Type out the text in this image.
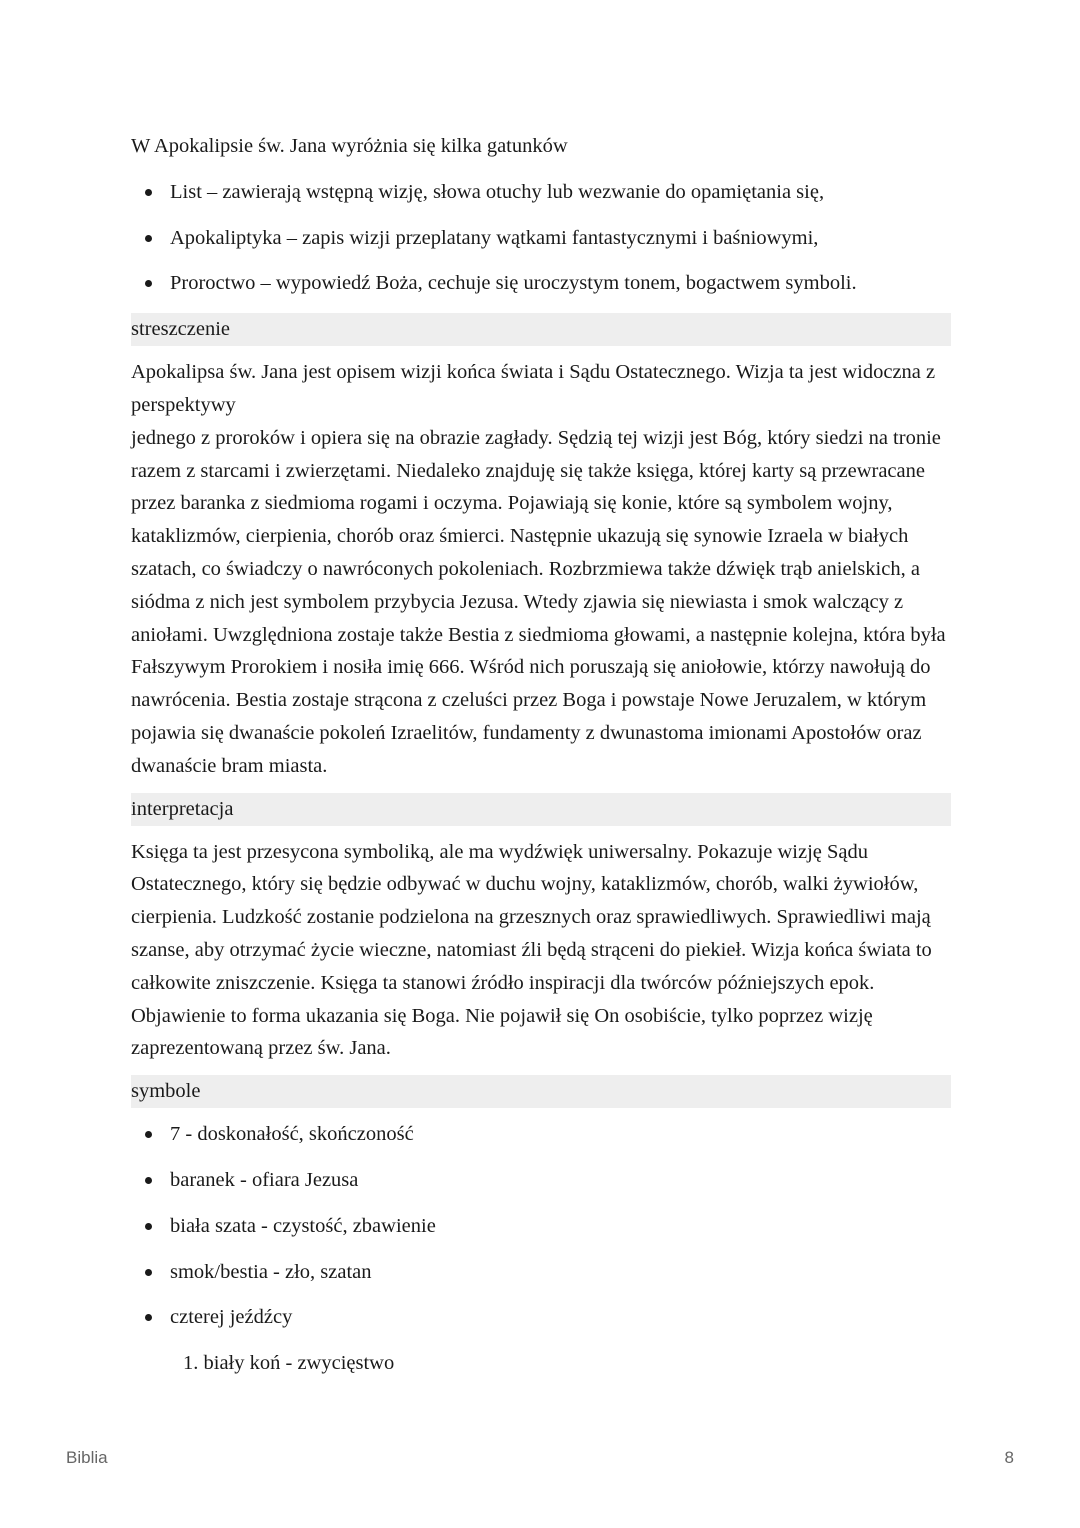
W Apokalipsie św. Jana wyróżnia się kilka gatunków

List – zawierają wstępną wizję, słowa otuchy lub wezwanie do opamiętania się,
Apokaliptyka – zapis wizji przeplatany wątkami fantastycznymi i baśniowymi,
Proroctwo – wypowiedź Boża, cechuje się uroczystym tonem, bogactwem symboli.
streszczenie
Apokalipsa św. Jana jest opisem wizji końca świata i Sądu Ostatecznego. Wizja ta jest widoczna z perspektywy
jednego z proroków i opiera się na obrazie zagłady. Sędzią tej wizji jest Bóg, który siedzi na tronie razem z starcami i zwierzętami. Niedaleko znajduję się także księga, której karty są przewracane przez baranka z siedmioma rogami i oczyma. Pojawiają się konie, które są symbolem wojny, kataklizmów, cierpienia, chorób oraz śmierci. Następnie ukazują się synowie Izraela w białych szatach, co świadczy o nawróconych pokoleniach. Rozbrzmiewa także dźwięk trąb anielskich, a siódma z nich jest symbolem przybycia Jezusa. Wtedy zjawia się niewiasta i smok walczący z aniołami. Uwzględniona zostaje także Bestia z siedmioma głowami, a następnie kolejna, która była Fałszywym Prorokiem i nosiła imię 666. Wśród nich poruszają się aniołowie, którzy nawołują do nawrócenia. Bestia zostaje strącona z czeluści przez Boga i powstaje Nowe Jeruzalem, w którym pojawia się dwanaście pokoleń Izraelitów, fundamenty z dwunastoma imionami Apostołów oraz dwanaście bram miasta.
interpretacja

Księga ta jest przesycona symboliką, ale ma wydźwięk uniwersalny. Pokazuje wizję Sądu Ostatecznego, który się będzie odbywać w duchu wojny, kataklizmów, chorób, walki żywiołów, cierpienia. Ludzkość zostanie podzielona na grzesznych oraz sprawiedliwych. Sprawiedliwi mają szanse, aby otrzymać życie wieczne, natomiast źli będą strąceni do piekieł. Wizja końca świata to całkowite zniszczenie. Księga ta stanowi źródło inspiracji dla twórców późniejszych epok. Objawienie to forma ukazania się Boga. Nie pojawił się On osobiście, tylko poprzez wizję zaprezentowaną przez św. Jana.

symbole
7 - doskonałość, skończoność
baranek - ofiara Jezusa
biała szata - czystość, zbawienie
smok/bestia - zło, szatan
czterej jeźdźcy
1. biały koń - zwycięstwo
Biblia	8
